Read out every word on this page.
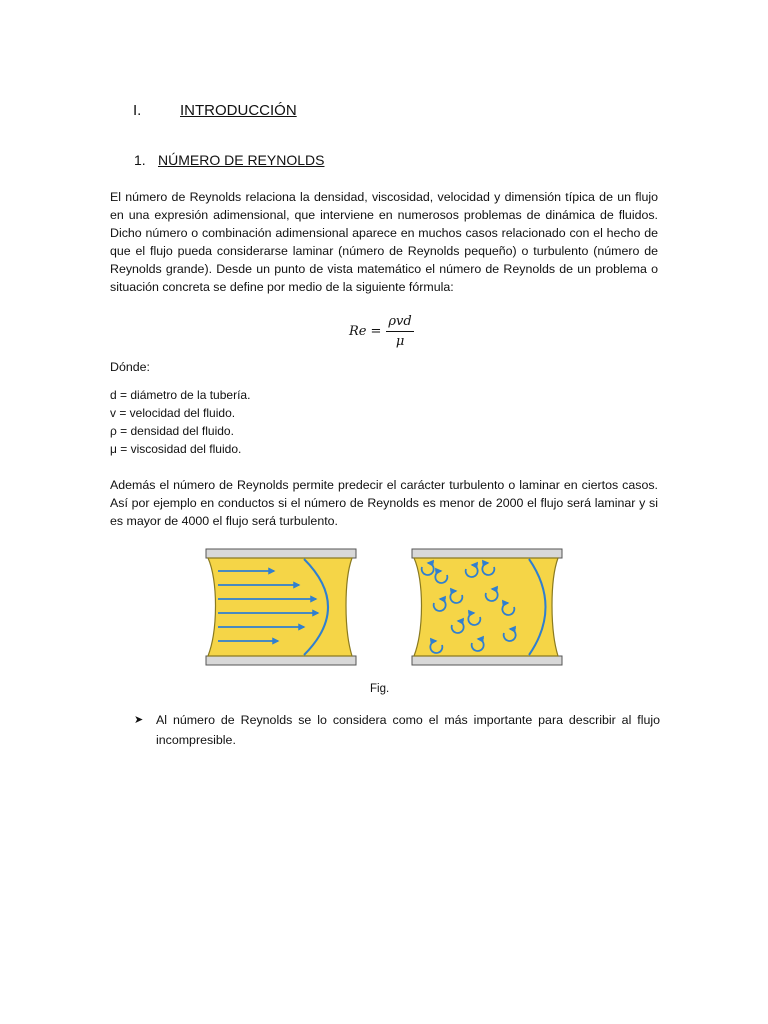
I.	INTRODUCCIÓN
1. NÚMERO DE REYNOLDS

El número de Reynolds relaciona la densidad, viscosidad, velocidad y dimensión típica de un flujo en una expresión adimensional, que interviene en numerosos problemas de dinámica de fluidos. Dicho número o combinación adimensional aparece en muchos casos relacionado con el hecho de que el flujo pueda considerarse laminar (número de Reynolds pequeño) o turbulento (número de Reynolds grande). Desde un punto de vista matemático el número de Reynolds de un problema o situación concreta se define por medio de la siguiente fórmula:

$Re = \frac{\text{ρvd}}{\mu}$
Dónde:
d = diámetro de la tubería.
v = velocidad del fluido.
ρ = densidad del fluido.
μ = viscosidad del fluido.

Además el número de Reynolds permite predecir el carácter turbulento o laminar en ciertos casos. Así por ejemplo en conductos si el número de Reynolds es menor de 2000 el flujo será laminar y si es mayor de 4000 el flujo será turbulento.

Fig.
➤	Al número de Reynolds se lo considera como el más importante para describir al flujo incompresible.
